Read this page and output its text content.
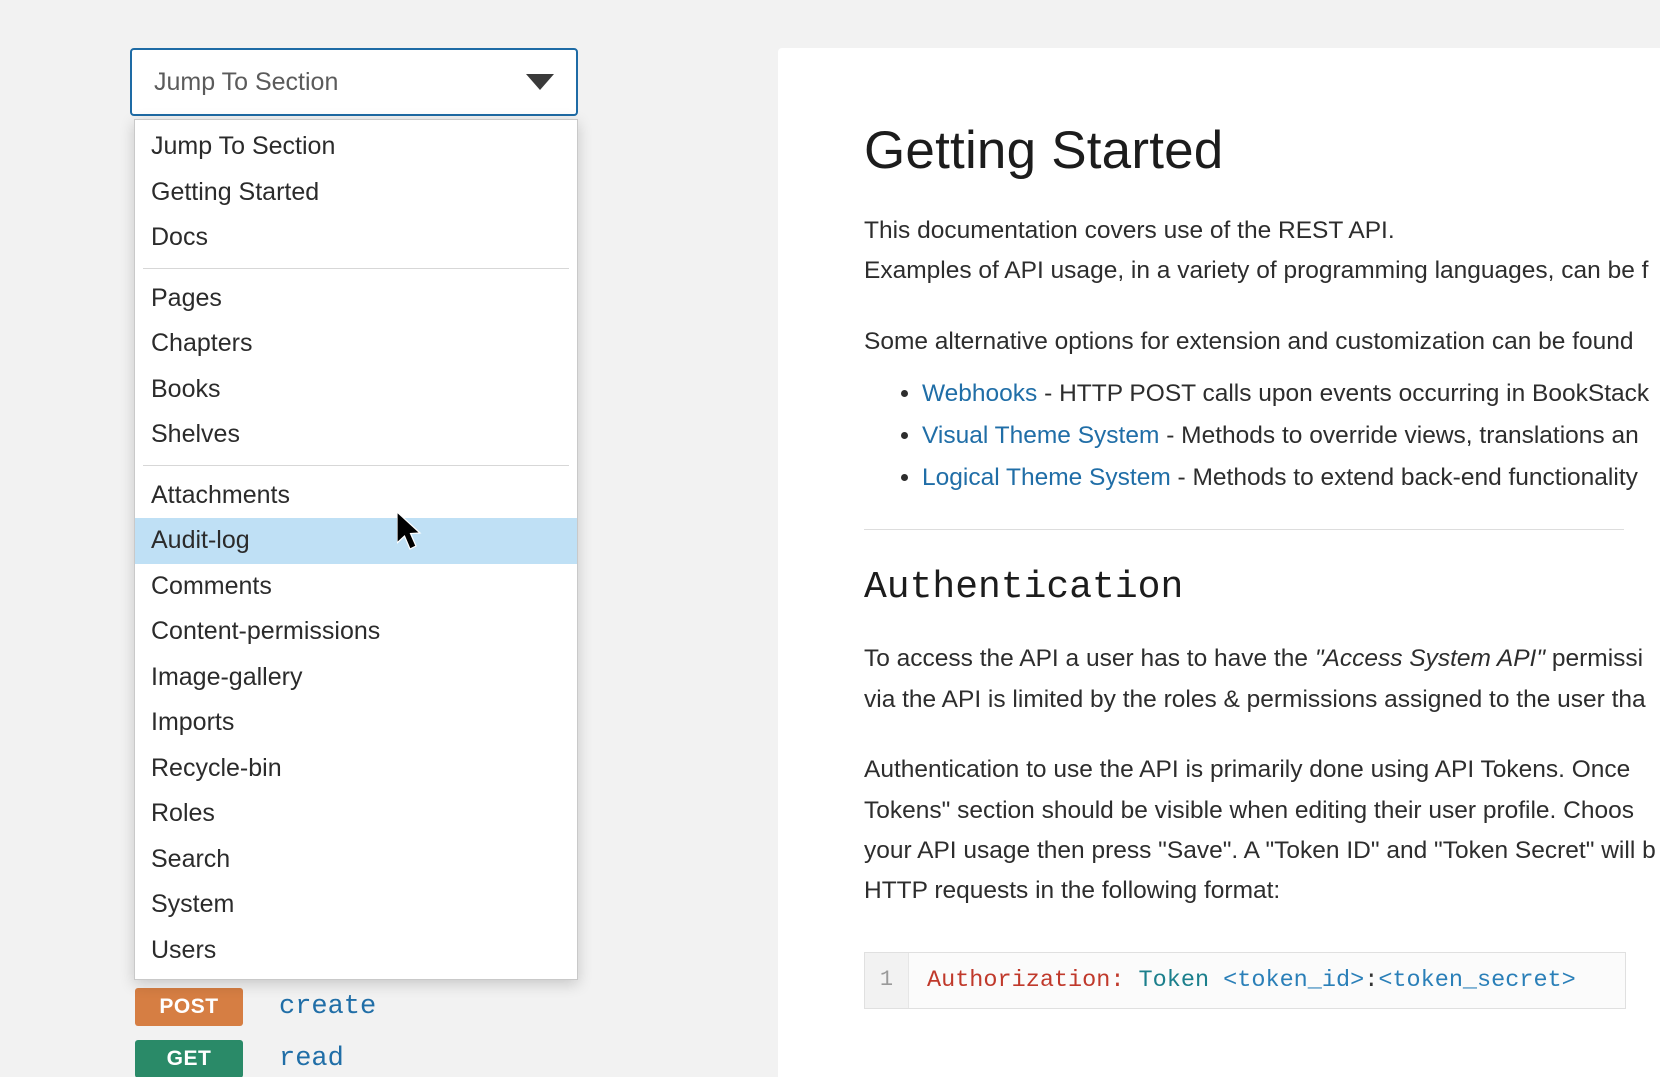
POST	create
GET	read
Jump To Section
Jump To Section
Getting Started
Docs
Pages
Chapters
Books
Shelves
Attachments
Audit-log
Comments
Content-permissions
Image-gallery
Imports
Recycle-bin
Roles
Search
System
Users
Getting Started

This documentation covers use of the REST API.

Examples of API usage, in a variety of programming languages, can be f

Some alternative options for extension and customization can be found

• Webhooks - HTTP POST calls upon events occurring in BookStack
• Visual Theme System - Methods to override views, translations an
• Logical Theme System - Methods to extend back-end functionality
Authentication

To access the API a user has to have the "Access System API" permissi

via the API is limited by the roles & permissions assigned to the user tha

Authentication to use the API is primarily done using API Tokens. Once

Tokens" section should be visible when editing their user profile. Choos

your API usage then press "Save". A "Token ID" and "Token Secret" will b

HTTP requests in the following format:

1	Authorization: Token <token_id>:<token_secret>
